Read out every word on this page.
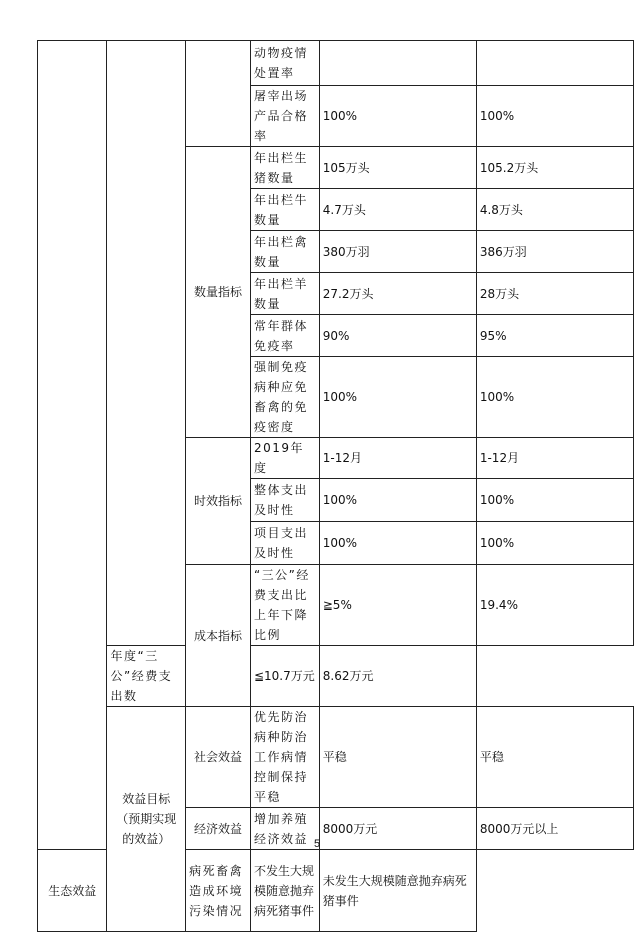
			动物疫情处置率		
			屠宰出场产品合格率	100%	100%
		数量指标	年出栏生猪数量	105万头	105.2万头
			年出栏牛数量	4.7万头	4.8万头
			年出栏禽数量	380万羽	386万羽
			年出栏羊数量	27.2万头	28万头
			常年群体免疫率	90%	95%
			强制免疫病种应免畜禽的免疫密度	100%	100%
		时效指标	2019年度	1-12月	1-12月
			整体支出及时性	100%	100%
			项目支出及时性	100%	100%
		成本指标	“三公”经费支出比上年下降比例	≧5%	19.4%
	年度“三公”经费支出数		≦10.7万元	8.62万元	
	效益目标（预期实现的效益）	社会效益	优先防治病种防治工作病情控制保持平稳	平稳	平稳
		经济效益	增加养殖经济效益	8000万元	8000万元以上
生态效益		病死畜禽造成环境污染情况	不发生大规模随意抛弃病死猪事件	未发生大规模随意抛弃病死猪事件	
5
